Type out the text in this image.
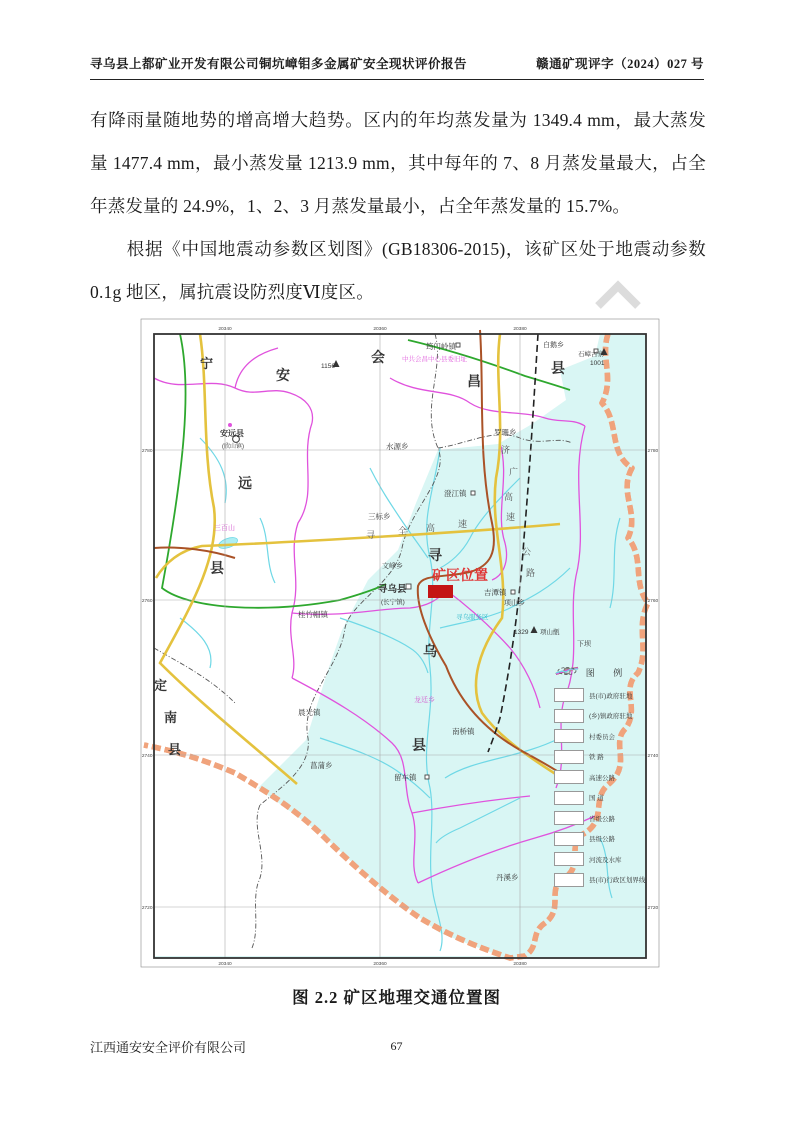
寻乌县上都矿业开发有限公司铜坑嶂钼多金属矿安全现状评价报告	赣通矿现评字（2024）027 号

有降雨量随地势的增高增大趋势。区内的年均蒸发量为 1349.4 mm，最大蒸发量 1477.4 mm，最小蒸发量 1213.9 mm，其中每年的 7、8 月蒸发量最大，占全年蒸发量的 24.9%，1、2、3 月蒸发量最小，占全年蒸发量的 15.7%。

根据《中国地震动参数区划图》(GB18306-2015)，该矿区处于地震动参数 0.1g 地区，属抗震设防烈度Ⅵ度区。

宁
安
远
县
会
昌
县
寻
乌
县
定
南
县
济
广
高
速
公
路
寻	全 高	速
矿区位置
寻乌县
(长宁镇)
安远县
(欣山镇)
筠门岭镇	白鹅乡
罗珊乡
水源乡
澄江镇
三标乡
文峰乡
吉潭镇
项山乡
下坝
桂竹帽镇
晨光镇
菖蒲乡
留车镇
南桥镇
丹溪乡
三百山
龙廷乡
寻乌服务区
中共会昌中心县委旧址
1156
石嶂古寨
1001
1329 项山甑
20340
20340
20360
20360
20380
20380
2780	2780
2760	2760
2740	2740
2720	2720
图 例
县(市)政府驻地
(乡)镇政府驻地
村委员会
铁 路
高速公路
国 道
省级公路
县级公路
河流及水库
县(市)行政区划界线
图 2.2 矿区地理交通位置图
江西通安安全评价有限公司	67
